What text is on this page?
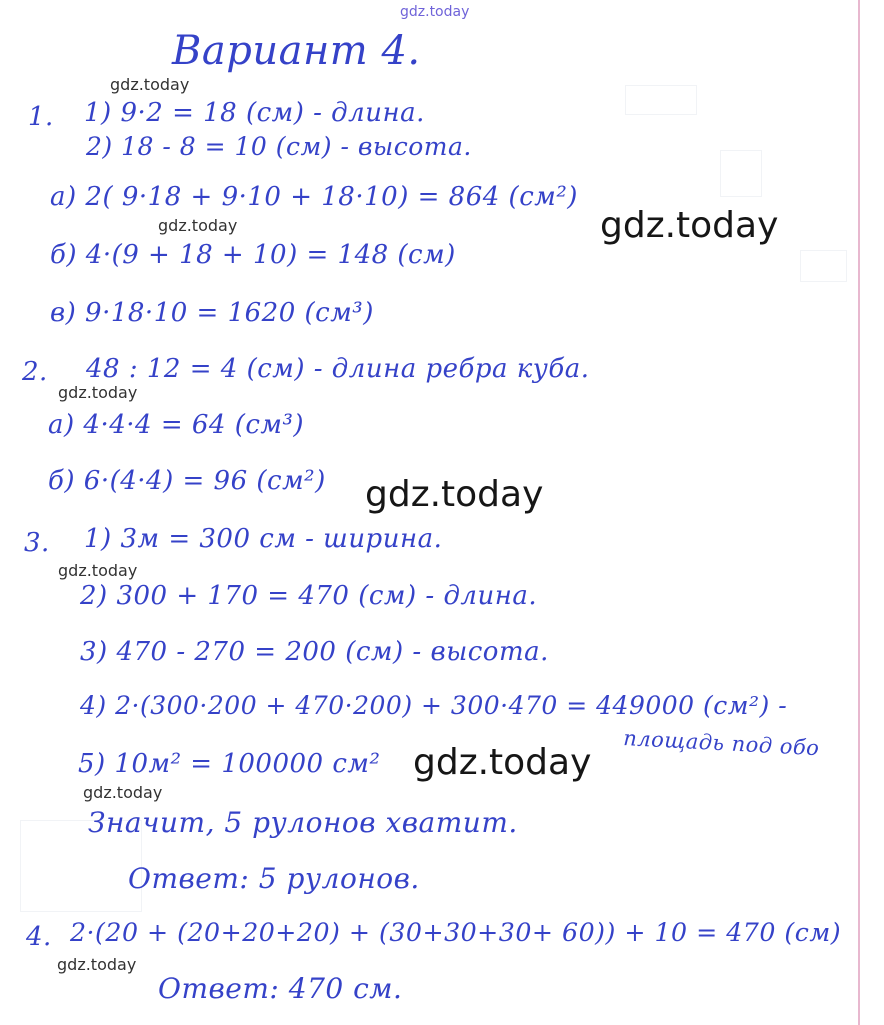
gdz.today
gdz.today
gdz.today
gdz.today
gdz.today
gdz.today
gdz.today
gdz.today
gdz.today
gdz.today
Вариант 4.
1. 1) 9·2 = 18 (см) - длина.
2) 18 - 8 = 10 (см) - высота.
а) 2( 9·18 + 9·10 + 18·10) = 864 (см²)
б) 4·(9 + 18 + 10) = 148 (см)
в) 9·18·10 = 1620 (см³)
2. 48 : 12 = 4 (см) - длина ребра куба.
а) 4·4·4 = 64 (см³)
б) 6·(4·4) = 96 (см²)
3. 1) 3м = 300 см - ширина.
2) 300 + 170 = 470 (см) - длина.
3) 470 - 270 = 200 (см) - высота.
4) 2·(300·200 + 470·200) + 300·470 = 449000 (см²) -
площадь под обо
5) 10м² = 100000 см²
Значит, 5 рулонов хватит.
Ответ: 5 рулонов.
4. 2·(20 + (20+20+20) + (30+30+30+ 60)) + 10 = 470 (см)
Ответ: 470 см.
